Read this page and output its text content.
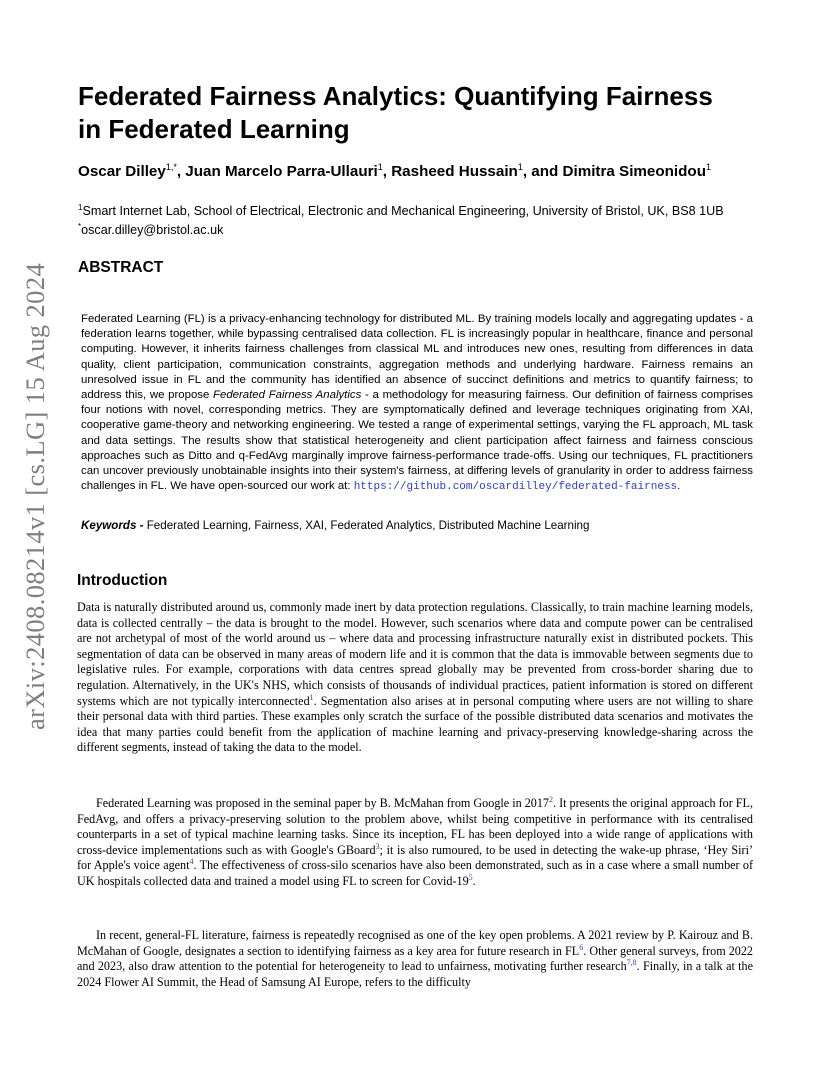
arXiv:2408.08214v1 [cs.LG] 15 Aug 2024
Federated Fairness Analytics: Quantifying Fairness
in Federated Learning
Oscar Dilley$^{1,*}$, Juan Marcelo Parra-Ullauri$^1$, Rasheed Hussain$^1$, and Dimitra Simeonidou$^1$
$^1$Smart Internet Lab, School of Electrical, Electronic and Mechanical Engineering, University of Bristol, UK, BS8 1UB
*oscar.dilley@bristol.ac.uk
ABSTRACT

Federated Learning (FL) is a privacy-enhancing technology for distributed ML. By training models locally and aggregating updates - a federation learns together, while bypassing centralised data collection. FL is increasingly popular in healthcare, finance and personal computing. However, it inherits fairness challenges from classical ML and introduces new ones, resulting from differences in data quality, client participation, communication constraints, aggregation methods and underlying hardware. Fairness remains an unresolved issue in FL and the community has identified an absence of succinct definitions and metrics to quantify fairness; to address this, we propose Federated Fairness Analytics - a methodology for measuring fairness. Our definition of fairness comprises four notions with novel, corresponding metrics. They are symptomatically defined and leverage techniques originating from XAI, cooperative game-theory and networking engineering. We tested a range of experimental settings, varying the FL approach, ML task and data settings. The results show that statistical heterogeneity and client participation affect fairness and fairness conscious approaches such as Ditto and q-FedAvg marginally improve fairness-performance trade-offs. Using our techniques, FL practitioners can uncover previously unobtainable insights into their system's fairness, at differing levels of granularity in order to address fairness challenges in FL. We have open-sourced our work at: https://github.com/oscardilley/federated-fairness.

Keywords - Federated Learning, Fairness, XAI, Federated Analytics, Distributed Machine Learning
Introduction

Data is naturally distributed around us, commonly made inert by data protection regulations. Classically, to train machine learning models, data is collected centrally – the data is brought to the model. However, such scenarios where data and compute power can be centralised are not archetypal of most of the world around us – where data and processing infrastructure naturally exist in distributed pockets. This segmentation of data can be observed in many areas of modern life and it is common that the data is immovable between segments due to legislative rules. For example, corporations with data centres spread globally may be prevented from cross-border sharing due to regulation. Alternatively, in the UK's NHS, which consists of thousands of individual practices, patient information is stored on different systems which are not typically interconnected$^1$. Segmentation also arises at in personal computing where users are not willing to share their personal data with third parties. These examples only scratch the surface of the possible distributed data scenarios and motivates the idea that many parties could benefit from the application of machine learning and privacy-preserving knowledge-sharing across the different segments, instead of taking the data to the model.

Federated Learning was proposed in the seminal paper by B. McMahan from Google in 2017$^2$. It presents the original approach for FL, FedAvg, and offers a privacy-preserving solution to the problem above, whilst being competitive in performance with its centralised counterparts in a set of typical machine learning tasks. Since its inception, FL has been deployed into a wide range of applications with cross-device implementations such as with Google's GBoard$^3$; it is also rumoured, to be used in detecting the wake-up phrase, ‘Hey Siri’ for Apple's voice agent$^4$. The effectiveness of cross-silo scenarios have also been demonstrated, such as in a case where a small number of UK hospitals collected data and trained a model using FL to screen for Covid-$19^5$.

In recent, general-FL literature, fairness is repeatedly recognised as one of the key open problems. A 2021 review by P. Kairouz and B. McMahan of Google, designates a section to identifying fairness as a key area for future research in $FL^6$. Other general surveys, from 2022 and 2023, also draw attention to the potential for heterogeneity to lead to unfairness, motivating further research$^{7,8}$. Finally, in a talk at the 2024 Flower AI Summit, the Head of Samsung AI Europe, refers to the difficulty
